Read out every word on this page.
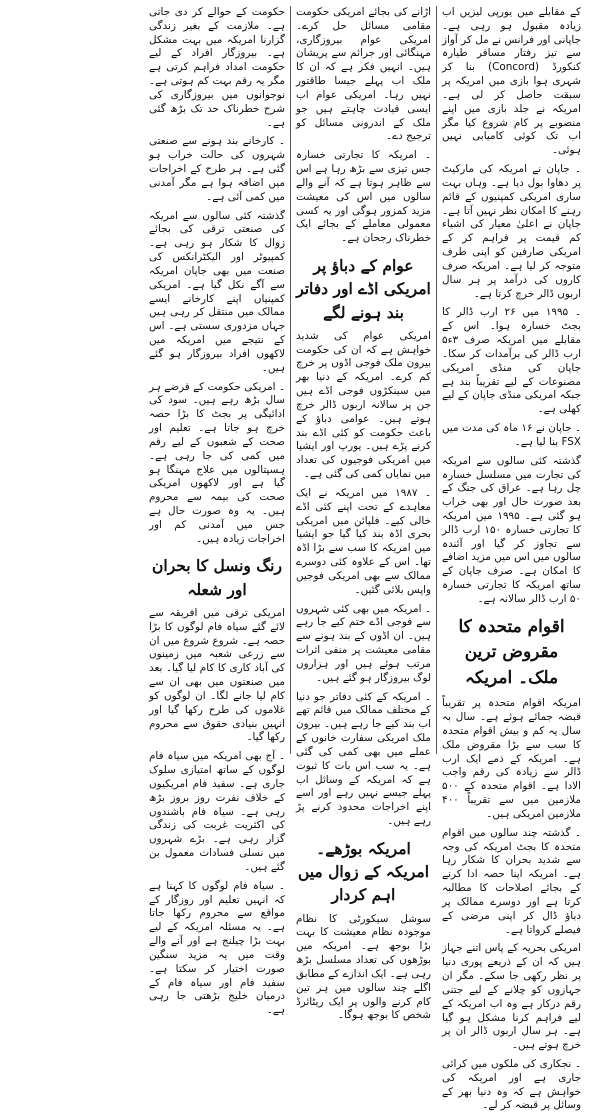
کے مقابلے میں یورپی لیزیں اب زیادہ مقبول ہو رہی ہے۔ جاپانی اور فرانس نے مل کر آواز سے تیز رفتار مسافر طیارہ کنکورڈ (Concord) بنا کر شہری ہوا بازی میں امریکہ پر سبقت حاصل کر لی ہے۔ امریکہ نے جلد بازی میں اپنے منصوبے پر کام شروع کیا مگر اب تک کوئی کامیابی نہیں ہوئی۔

۔ جاپان نے امریکہ کی مارکیٹ پر دھاوا بول دیا ہے۔ وہاں بہت ساری امریکی کمپنیوں کے قائم رہنے کا امکان نظر نہیں آتا ہے۔ جاپان نے اعلیٰ معیار کی اشیاء کم قیمت پر فراہم کر کے امریکی صارفین کو اپنی طرف متوجہ کر لیا ہے۔ امریکہ صرف کاروں کی درآمد پر ہر سال اربوں ڈالر خرچ کرتا ہے۔

۔ ۱۹۹۵ میں ۲۶ ارب ڈالر کا بجٹ خسارہ ہوا۔ اس کے مقابلے میں امریکہ صرف ۳ء۵ ارب ڈالر کی برآمدات کر سکا۔ جاپان کی منڈی امریکی مصنوعات کے لیے تقریباً بند ہے جبکہ امریکی منڈی جاپان کے لیے کھلی ہے۔

۔ جاپان نے ۱۶ ماہ کی مدت میں FSX بنا لیا ہے۔

گذشتہ کئی سالوں سے امریکہ کی تجارت میں مسلسل خسارہ چل رہا ہے۔ عراق کی جنگ کے بعد صورت حال اور بھی خراب ہو گئی ہے۔ ۱۹۹۵ میں امریکہ کا تجارتی خسارہ ۱۵۰ ارب ڈالر سے تجاوز کر گیا اور آئندہ سالوں میں اس میں مزید اضافے کا امکان ہے۔ صرف جاپان کے ساتھ امریکہ کا تجارتی خسارہ ۵۰ ارب ڈالر سالانہ ہے۔

اقوام متحدہ کا مقروض ترین ملک۔ امریکہ

امریکہ اقوام متحدہ پر تقریباً قبضہ جمائے ہوئے ہے۔ سال بہ سال یہ کم و بیش اقوام متحدہ کا سب سے بڑا مقروض ملک ہے۔ امریکہ کے ذمے ایک ارب ڈالر سے زیادہ کی رقم واجب الادا ہے۔ اقوام متحدہ کے ۵۰۰ ملازمین میں سے تقریباً ۴۰۰ ملازمین امریکی ہیں۔

۔ گذشتہ چند سالوں میں اقوام متحدہ کا بجٹ امریکہ کی وجہ سے شدید بحران کا شکار رہا ہے۔ امریکہ اپنا حصہ ادا کرنے کے بجائے اصلاحات کا مطالبہ کرتا ہے اور دوسرے ممالک پر دباؤ ڈال کر اپنی مرضی کے فیصلے کرواتا ہے۔

امریکی بحریہ کے پاس اتنے جہاز ہیں کہ ان کے ذریعے پوری دنیا پر نظر رکھی جا سکے۔ مگر ان جہازوں کو چلانے کے لیے جتنی رقم درکار ہے وہ اب امریکہ کے لیے فراہم کرنا مشکل ہو گیا ہے۔ ہر سال اربوں ڈالر ان پر خرچ ہوتے ہیں۔

۔ نجکاری کی ملکوں میں کرائی جاری ہے اور امریکہ کی خواہش ہے کہ وہ دنیا بھر کے وسائل پر قبضہ کر لے۔

اڑانے کی بجائے امریکی حکومت مقامی مسائل حل کرے۔ امریکی عوام بیروزگاری، مہنگائی اور جرائم سے پریشان ہیں۔ انہیں فکر ہے کہ ان کا ملک اب پہلے جیسا طاقتور نہیں رہا۔ امریکی عوام اب ایسی قیادت چاہتے ہیں جو ملک کے اندرونی مسائل کو ترجیح دے۔

۔ امریکہ کا تجارتی خسارہ جس تیزی سے بڑھ رہا ہے اس سے ظاہر ہوتا ہے کہ آنے والے سالوں میں اس کی معیشت مزید کمزور ہوگی اور یہ کسی معمولی معاملے کے بجائے ایک خطرناک رجحان ہے۔

عوام کے دباؤ پر امریکی اڈے اور دفاتر بند ہونے لگے

امریکی عوام کی شدید خواہش ہے کہ ان کی حکومت بیرون ملک فوجی اڈوں پر خرچ کم کرے۔ امریکہ کے دنیا بھر میں سینکڑوں فوجی اڈے ہیں جن پر سالانہ اربوں ڈالر خرچ ہوتے ہیں۔ عوامی دباؤ کے باعث حکومت کو کئی اڈے بند کرنے پڑے ہیں۔ یورپ اور ایشیا میں امریکی فوجیوں کی تعداد میں نمایاں کمی کی گئی ہے۔

۔ ۱۹۸۷ میں امریکہ نے ایک معاہدے کے تحت اپنے کئی اڈے خالی کیے۔ فلپائن میں امریکی بحری اڈہ بند کیا گیا جو ایشیا میں امریکہ کا سب سے بڑا اڈہ تھا۔ اس کے علاوہ کئی دوسرے ممالک سے بھی امریکی فوجیں واپس بلائی گئیں۔

۔ امریکہ میں بھی کئی شہروں سے فوجی اڈے ختم کیے جا رہے ہیں۔ ان اڈوں کے بند ہونے سے مقامی معیشت پر منفی اثرات مرتب ہوئے ہیں اور ہزاروں لوگ بیروزگار ہو گئے ہیں۔

۔ امریکہ کے کئی دفاتر جو دنیا کے مختلف ممالک میں قائم تھے اب بند کیے جا رہے ہیں۔ بیرون ملک امریکی سفارت خانوں کے عملے میں بھی کمی کی گئی ہے۔ یہ سب اس بات کا ثبوت ہے کہ امریکہ کے وسائل اب پہلے جیسے نہیں رہے اور اسے اپنے اخراجات محدود کرنے پڑ رہے ہیں۔

امریکہ بوڑھے۔ امریکہ کے زوال میں اہم کردار

سوشل سیکورٹی کا نظام موجودہ نظام معیشت کا بہت بڑا بوجھ ہے۔ امریکہ میں بوڑھوں کی تعداد مسلسل بڑھ رہی ہے۔ ایک اندازے کے مطابق اگلے چند سالوں میں ہر تین کام کرنے والوں پر ایک ریٹائرڈ شخص کا بوجھ ہوگا۔

حکومت کے حوالے کر دی جاتی ہے۔ ملازمت کے بغیر زندگی گزارنا امریکہ میں بہت مشکل ہے۔ بیروزگار افراد کے لیے حکومت امداد فراہم کرتی ہے مگر یہ رقم بہت کم ہوتی ہے۔ نوجوانوں میں بیروزگاری کی شرح خطرناک حد تک بڑھ گئی ہے۔

۔ کارخانے بند ہونے سے صنعتی شہروں کی حالت خراب ہو گئی ہے۔ ہر طرح کے اخراجات میں اضافہ ہوا ہے مگر آمدنی میں کمی آئی ہے۔

گذشتہ کئی سالوں سے امریکہ کی صنعتی ترقی کی بجائے زوال کا شکار ہو رہی ہے۔ کمپیوٹر اور الیکٹرانکس کی صنعت میں بھی جاپان امریکہ سے آگے نکل گیا ہے۔ امریکی کمپنیاں اپنے کارخانے ایسے ممالک میں منتقل کر رہی ہیں جہاں مزدوری سستی ہے۔ اس کے نتیجے میں امریکہ میں لاکھوں افراد بیروزگار ہو گئے ہیں۔

۔ امریکی حکومت کے قرضے ہر سال بڑھ رہے ہیں۔ سود کی ادائیگی پر بجٹ کا بڑا حصہ خرچ ہو جاتا ہے۔ تعلیم اور صحت کے شعبوں کے لیے رقم میں کمی کی جا رہی ہے۔ ہسپتالوں میں علاج مہنگا ہو گیا ہے اور لاکھوں امریکی صحت کی بیمہ سے محروم ہیں۔ یہ وہ صورت حال ہے جس میں آمدنی کم اور اخراجات زیادہ ہیں۔

رنگ ونسل کا بحران اور شعلہ

امریکی ترقی میں افریقہ سے لائے گئے سیاہ فام لوگوں کا بڑا حصہ ہے۔ شروع شروع میں ان سے زرعی شعبہ میں زمینوں کی آباد کاری کا کام لیا گیا۔ بعد میں صنعتوں میں بھی ان سے کام لیا جانے لگا۔ ان لوگوں کو غلاموں کی طرح رکھا گیا اور انہیں بنیادی حقوق سے محروم رکھا گیا۔

۔ آج بھی امریکہ میں سیاہ فام لوگوں کے ساتھ امتیازی سلوک جاری ہے۔ سفید فام امریکیوں کے خلاف نفرت روز بروز بڑھ رہی ہے۔ سیاہ فام باشندوں کی اکثریت غربت کی زندگی گزار رہی ہے۔ بڑے شہروں میں نسلی فسادات معمول بن گئے ہیں۔

۔ سیاہ فام لوگوں کا کہنا ہے کہ انہیں تعلیم اور روزگار کے مواقع سے محروم رکھا جاتا ہے۔ یہ مسئلہ امریکہ کے لیے بہت بڑا چیلنج ہے اور آنے والے وقت میں یہ مزید سنگین صورت اختیار کر سکتا ہے۔ سفید فام اور سیاہ فام کے درمیان خلیج بڑھتی جا رہی ہے۔
